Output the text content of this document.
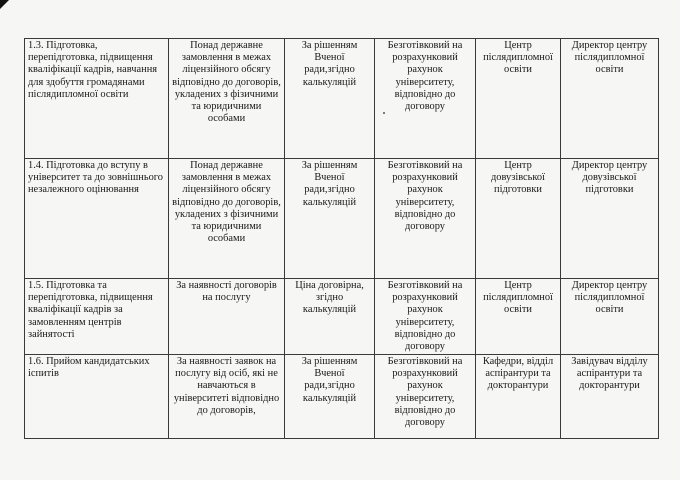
1.3. Підготовка, перепідготовка, підвищення кваліфікації кадрів, навчання для здобуття громадянами післядипломної освіти	Понад державне замовлення в межах ліцензійного обсягу відповідно до договорів, укладених з фізичними та юридичними особами	За рішенням Вченої ради,згідно калькуляцій	Безготівковий на розрахунковий рахунок університету, відповідно до договору	Центр післядипломної освіти	Директор центру післядипломної освіти
1.4. Підготовка до вступу в університет та до зовнішнього незалежного оцінювання	Понад державне замовлення в межах ліцензійного обсягу відповідно до договорів, укладених з фізичними та юридичними особами	За рішенням Вченої ради,згідно калькуляцій	Безготівковий на розрахунковий рахунок університету, відповідно до договору	Центр довузівської підготовки	Директор центру довузівської підготовки
1.5. Підготовка та перепідготовка, підвищення кваліфікації кадрів за замовленням центрів зайнятості	За наявності договорів на послугу	Ціна договірна, згідно калькуляцій	Безготівковий на розрахунковий рахунок університету, відповідно до договору	Центр післядипломної освіти	Директор центру післядипломної освіти
1.6. Прийом кандидатських іспитів	За наявності заявок на послугу від осіб, які не навчаються в університеті відповідно до договорів,	За рішенням Вченої ради,згідно калькуляцій	Безготівковий на розрахунковий рахунок університету, відповідно до договору	Кафедри, відділ аспірантури та докторантури	Завідувач відділу аспірантури та докторантури
